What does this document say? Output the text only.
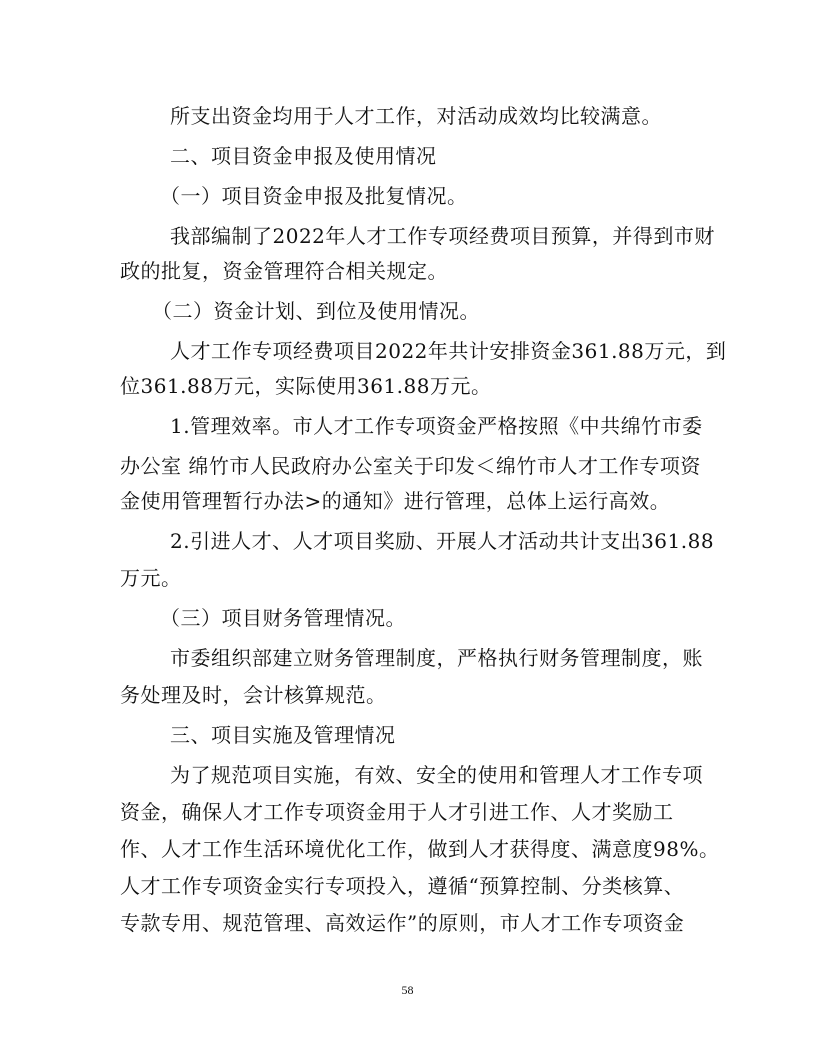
所支出资金均用于人才工作，对活动成效均比较满意。
二、项目资金申报及使用情况
（一）项目资金申报及批复情况。
我部编制了2022年人才工作专项经费项目预算，并得到市财
政的批复，资金管理符合相关规定。
（二）资金计划、到位及使用情况。
人才工作专项经费项目2022年共计安排资金361.88万元，到
位361.88万元，实际使用361.88万元。
1.管理效率。市人才工作专项资金严格按照《中共绵竹市委
办公室 绵竹市人民政府办公室关于印发＜绵竹市人才工作专项资
金使用管理暂行办法>的通知》进行管理，总体上运行高效。
2.引进人才、人才项目奖励、开展人才活动共计支出361.88
万元。
（三）项目财务管理情况。
市委组织部建立财务管理制度，严格执行财务管理制度，账
务处理及时，会计核算规范。
三、项目实施及管理情况
为了规范项目实施，有效、安全的使用和管理人才工作专项
资金，确保人才工作专项资金用于人才引进工作、人才奖励工
作、人才工作生活环境优化工作，做到人才获得度、满意度98%。
人才工作专项资金实行专项投入，遵循“预算控制、分类核算、
专款专用、规范管理、高效运作”的原则，市人才工作专项资金
58
